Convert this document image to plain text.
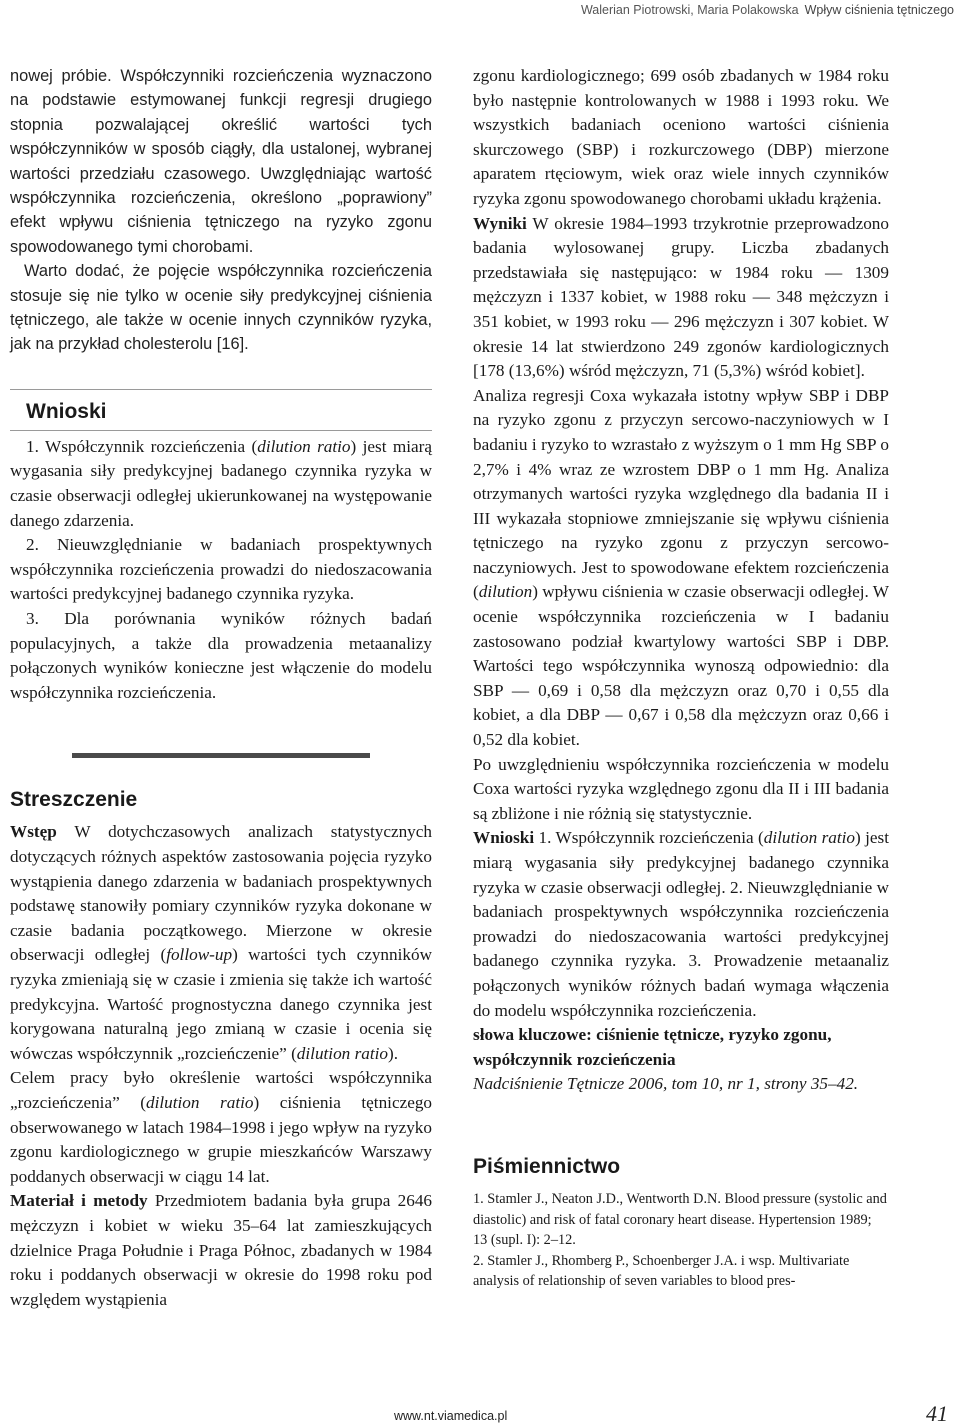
Walerian Piotrowski, Maria Polakowska Wpływ ciśnienia tętniczego

nowej próbie. Współczynniki rozcieńczenia wyznaczono na podstawie estymowanej funkcji regresji drugiego stopnia pozwalającej określić wartości tych współczynników w sposób ciągły, dla ustalonej, wybranej wartości przedziału czasowego. Uwzględniając wartość współczynnika rozcieńczenia, określono „poprawiony” efekt wpływu ciśnienia tętniczego na ryzyko zgonu spowodowanego tymi chorobami.

Warto dodać, że pojęcie współczynnika rozcieńczenia stosuje się nie tylko w ocenie siły predykcyjnej ciśnienia tętniczego, ale także w ocenie innych czynników ryzyka, jak na przykład cholesterolu [16].

Wnioski

1. Współczynnik rozcieńczenia (dilution ratio) jest miarą wygasania siły predykcyjnej badanego czynnika ryzyka w czasie obserwacji odległej ukierunkowanej na występowanie danego zdarzenia.

2. Nieuwzględnianie w badaniach prospektywnych współczynnika rozcieńczenia prowadzi do niedoszacowania wartości predykcyjnej badanego czynnika ryzyka.

3. Dla porównania wyników różnych badań populacyjnych, a także dla prowadzenia metaanalizy połączonych wyników konieczne jest włączenie do modelu współczynnika rozcieńczenia.

Streszczenie

Wstęp W dotychczasowych analizach statystycznych dotyczących różnych aspektów zastosowania pojęcia ryzyko wystąpienia danego zdarzenia w badaniach prospektywnych podstawę stanowiły pomiary czynników ryzyka dokonane w czasie badania początkowego. Mierzone w okresie obserwacji odległej (follow-up) wartości tych czynników ryzyka zmieniają się w czasie i zmienia się także ich wartość predykcyjna. Wartość prognostyczna danego czynnika jest korygowana naturalną jego zmianą w czasie i ocenia się wówczas współczynnik „rozcieńczenie” (dilution ratio).

Celem pracy było określenie wartości współczynnika „rozcieńczenia” (dilution ratio) ciśnienia tętniczego obserwowanego w latach 1984–1998 i jego wpływ na ryzyko zgonu kardiologicznego w grupie mieszkańców Warszawy poddanych obserwacji w ciągu 14 lat.

Materiał i metody Przedmiotem badania była grupa 2646 mężczyzn i kobiet w wieku 35–64 lat zamieszkujących dzielnice Praga Południe i Praga Północ, zbadanych w 1984 roku i poddanych obserwacji w okresie do 1998 roku pod względem wystąpienia

zgonu kardiologicznego; 699 osób zbadanych w 1984 roku było następnie kontrolowanych w 1988 i 1993 roku. We wszystkich badaniach oceniono wartości ciśnienia skurczowego (SBP) i rozkurczowego (DBP) mierzone aparatem rtęciowym, wiek oraz wiele innych czynników ryzyka zgonu spowodowanego chorobami układu krążenia.

Wyniki W okresie 1984–1993 trzykrotnie przeprowadzono badania wylosowanej grupy. Liczba zbadanych przedstawiała się następująco: w 1984 roku — 1309 mężczyzn i 1337 kobiet, w 1988 roku — 348 mężczyzn i 351 kobiet, w 1993 roku — 296 mężczyzn i 307 kobiet. W okresie 14 lat stwierdzono 249 zgonów kardiologicznych [178 (13,6%) wśród mężczyzn, 71 (5,3%) wśród kobiet].

Analiza regresji Coxa wykazała istotny wpływ SBP i DBP na ryzyko zgonu z przyczyn sercowo-naczyniowych w I badaniu i ryzyko to wzrastało z wyższym o 1 mm Hg SBP o 2,7% i 4% wraz ze wzrostem DBP o 1 mm Hg. Analiza otrzymanych wartości ryzyka względnego dla badania II i III wykazała stopniowe zmniejszanie się wpływu ciśnienia tętniczego na ryzyko zgonu z przyczyn sercowo-naczyniowych. Jest to spowodowane efektem rozcieńczenia (dilution) wpływu ciśnienia w czasie obserwacji odległej. W ocenie współczynnika rozcieńczenia w I badaniu zastosowano podział kwartylowy wartości SBP i DBP. Wartości tego współczynnika wynoszą odpowiednio: dla SBP — 0,69 i 0,58 dla mężczyzn oraz 0,70 i 0,55 dla kobiet, a dla DBP — 0,67 i 0,58 dla mężczyzn oraz 0,66 i 0,52 dla kobiet.

Po uwzględnieniu współczynnika rozcieńczenia w modelu Coxa wartości ryzyka względnego zgonu dla II i III badania są zbliżone i nie różnią się statystycznie.

Wnioski 1. Współczynnik rozcieńczenia (dilution ratio) jest miarą wygasania siły predykcyjnej badanego czynnika ryzyka w czasie obserwacji odległej. 2. Nieuwzględnianie w badaniach prospektywnych współczynnika rozcieńczenia prowadzi do niedoszacowania wartości predykcyjnej badanego czynnika ryzyka. 3. Prowadzenie metaanaliz połączonych wyników różnych badań wymaga włączenia do modelu współczynnika rozcieńczenia.

słowa kluczowe: ciśnienie tętnicze, ryzyko zgonu, współczynnik rozcieńczenia

Nadciśnienie Tętnicze 2006, tom 10, nr 1, strony 35–42.

Piśmiennictwo

1. Stamler J., Neaton J.D., Wentworth D.N. Blood pressure (systolic and diastolic) and risk of fatal coronary heart disease. Hypertension 1989; 13 (supl. I): 2–12.

2. Stamler J., Rhomberg P., Schoenberger J.A. i wsp. Multivariate analysis of relationship of seven variables to blood pres-

www.nt.viamedica.pl	41
